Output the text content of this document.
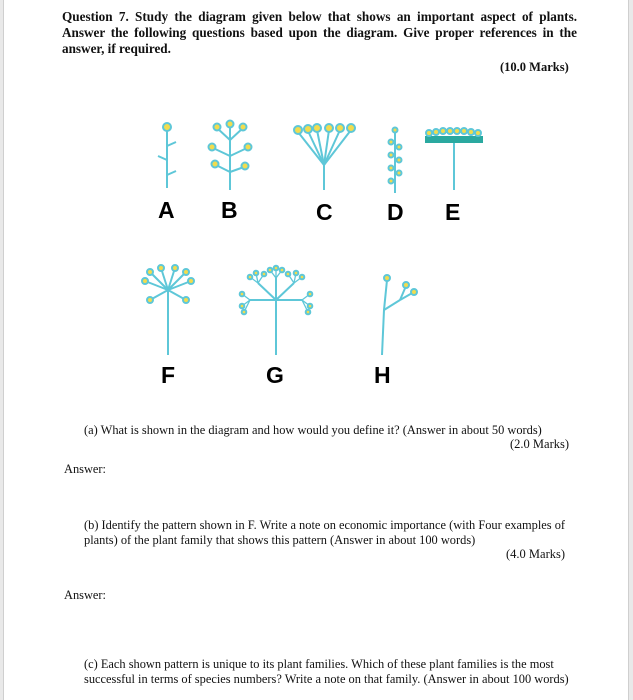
Question 7. Study the diagram given below that shows an important aspect of plants. Answer the following questions based upon the diagram. Give proper references in the answer, if required.
(10.0 Marks)
A B	C D E
F	G	H
(a) What is shown in the diagram and how would you define it? (Answer in about 50 words)
(2.0 Marks)
Answer:
(b) Identify the pattern shown in F. Write a note on economic importance (with Four examples of plants) of the plant family that shows this pattern (Answer in about 100 words)
(4.0 Marks)
Answer:
(c) Each shown pattern is unique to its plant families. Which of these plant families is the most successful in terms of species numbers? Write a note on that family. (Answer in about 100 words)
